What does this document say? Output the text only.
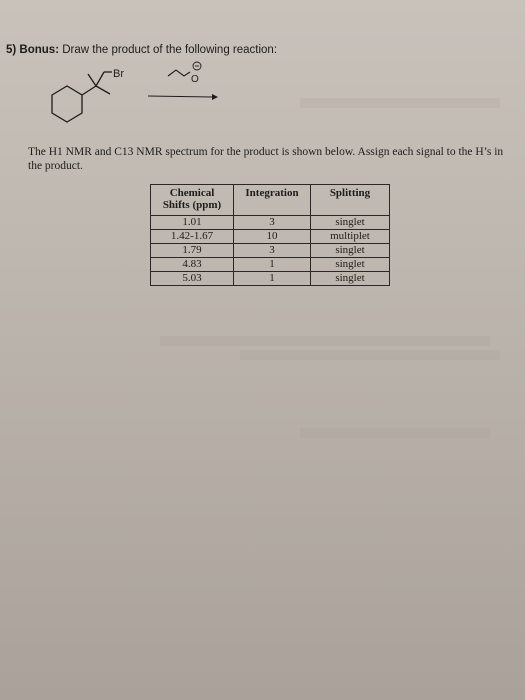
5) Bonus: Draw the product of the following reaction:
Br	O
The H1 NMR and C13 NMR spectrum for the product is shown below. Assign each signal to the H’s in the product.
Chemical Shifts (ppm)	Integration	Splitting
1.01	3	singlet
1.42-1.67	10	multiplet
1.79	3	singlet
4.83	1	singlet
5.03	1	singlet
